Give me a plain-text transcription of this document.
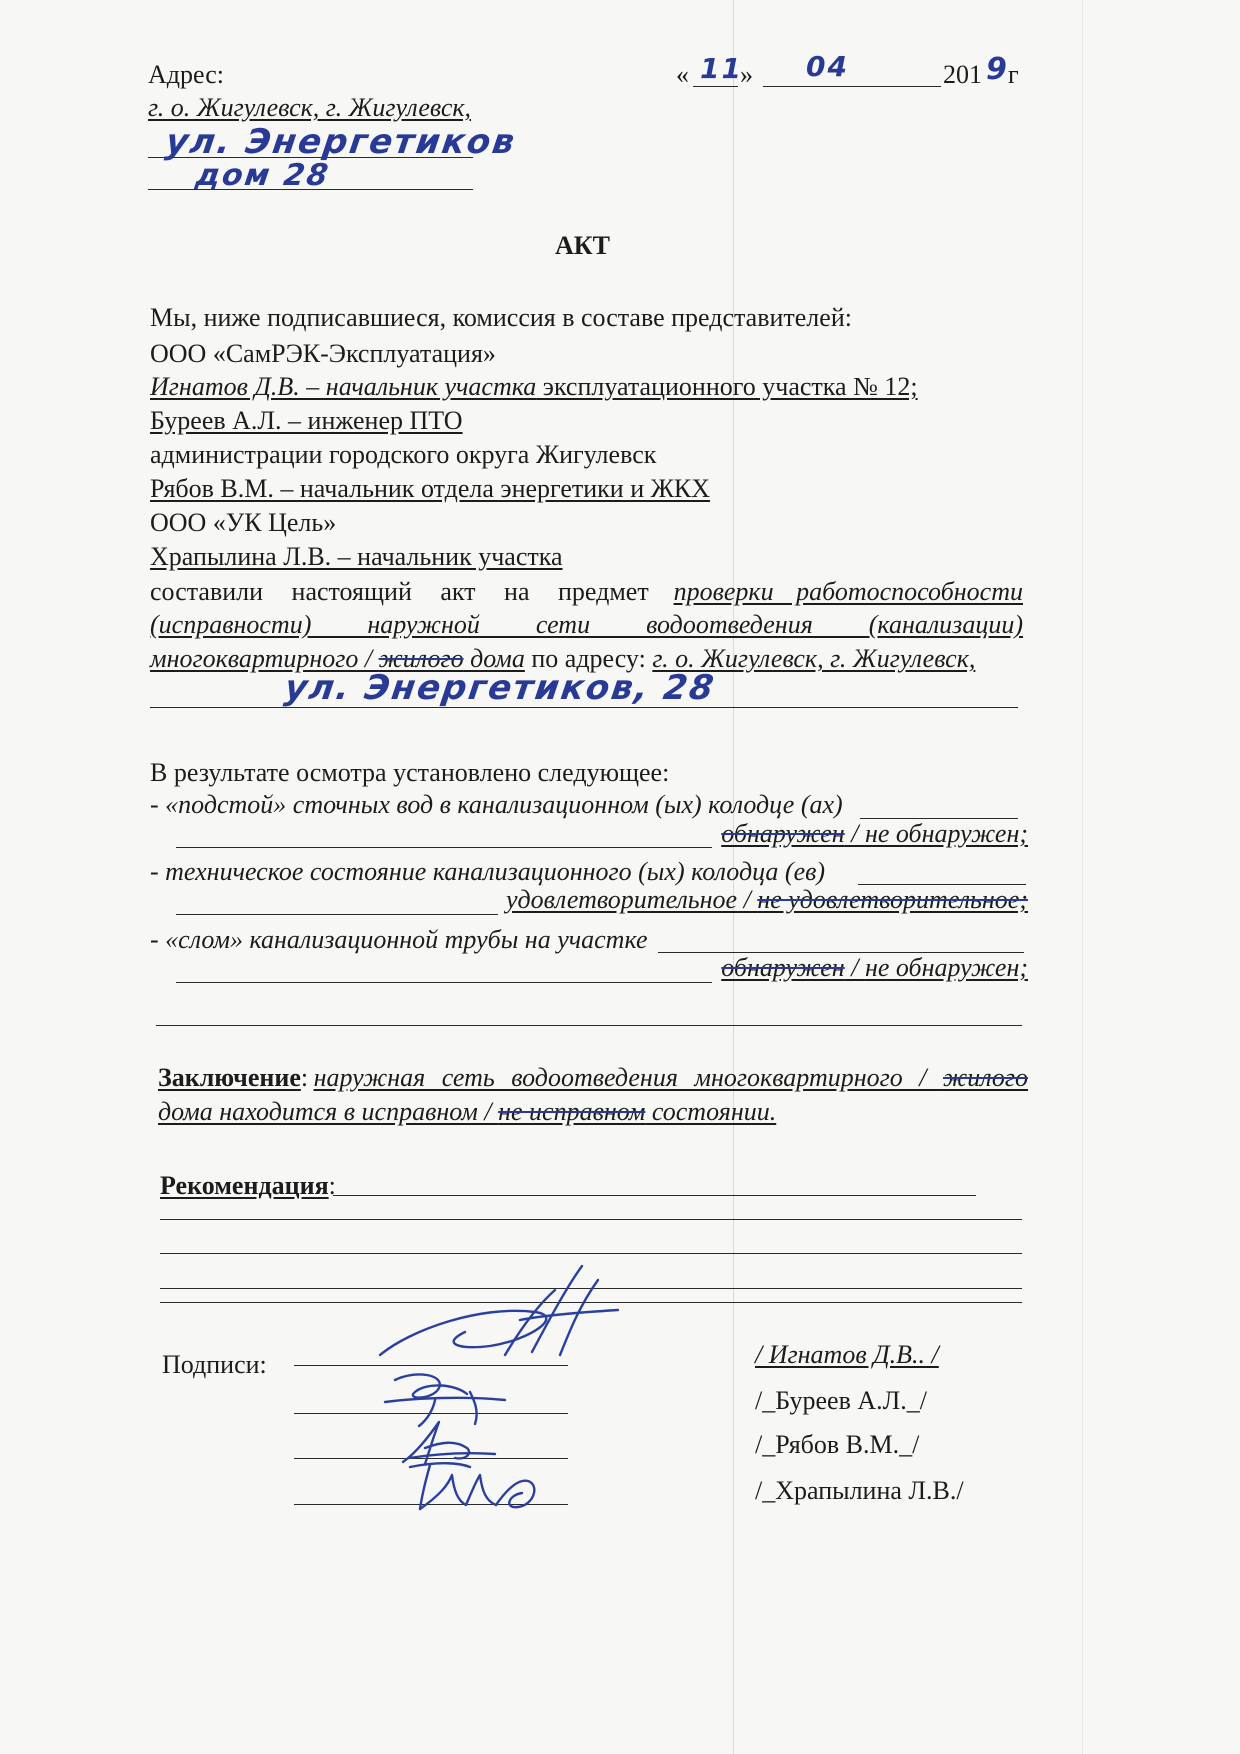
Адрес:
г. о. Жигулевск, г. Жигулевск,
ул. Энергетиков
дом 28
« 11
» 04	201 9 г
АКТ
Мы, ниже подписавшиеся, комиссия в составе представителей:
ООО «СамРЭК-Эксплуатация»
Игнатов Д.В. – начальник участка эксплуатационного участка № 12;
Буреев А.Л. – инженер ПТО
администрации городского округа Жигулевск
Рябов В.М. – начальник отдела энергетики и ЖКХ
ООО «УК Цель»
Храпылина Л.В. – начальник участка
составили настоящий акт на предмет проверки работоспособности
(исправности) наружной сети водоотведения (канализации)
многоквартирного / жилого дома по адресу: г. о. Жигулевск, г. Жигулевск,
ул. Энергетиков, 28
В результате осмотра установлено следующее:
- «подстой» сточных вод в канализационном (ых) колодце (ах)
обнаружен / не обнаружен;
- техническое состояние канализационного (ых) колодца (ев)
удовлетворительное / не удовлетворительное;
- «слом» канализационной трубы на участке
обнаружен / не обнаружен;
Заключение: наружная сеть водоотведения многоквартирного / жилого
дома находится в исправном / не исправном состоянии.
Рекомендация:
Подписи:	/ Игнатов Д.В.. /
/_Буреев А.Л._/
/_Рябов В.М._/
/_Храпылина Л.В./
